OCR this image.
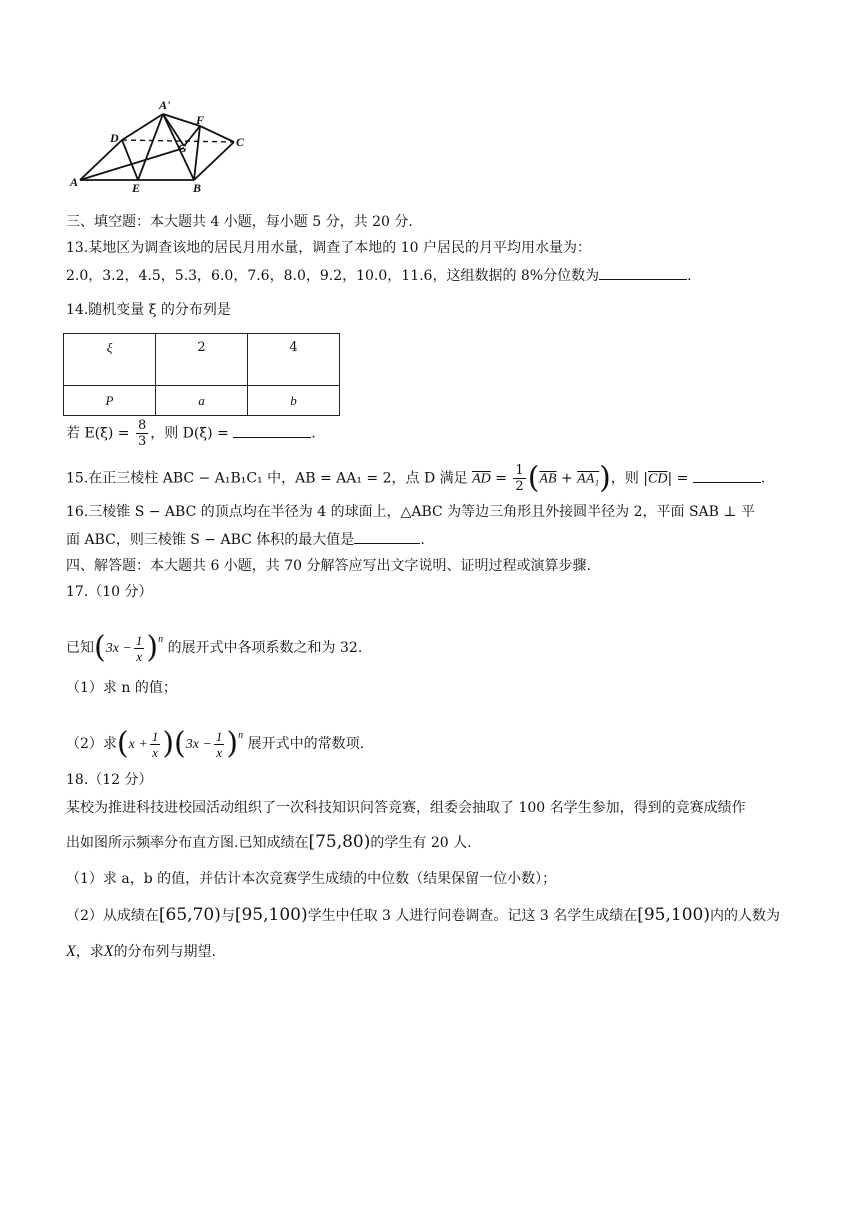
A'
F
D
G	C
A	E	B
三、填空题：本大题共 4 小题，每小题 5 分，共 20 分.
13.某地区为调查该地的居民月用水量，调查了本地的 10 户居民的月平均用水量为：
2.0，3.2，4.5，5.3，6.0，7.6，8.0，9.2，10.0，11.6，这组数据的 8%分位数为	.
14.随机变量 ξ 的分布列是
ξ	2	4
P	a	b
若 $E(\xi) = \frac{8}{3}$ ，则 D(ξ) =	.
15.在正三棱柱 ABC − A₁B₁C₁ 中，AB = AA₁ = 2，点 D 满足 $\overline{AD} = \frac{1}{2} (\overline{AB} + AA_1)$，则 $|\overline{CD}|$ =	.
16.三棱锥 S − ABC 的顶点均在半径为 4 的球面上，△ABC 为等边三角形且外接圆半径为 2，平面 SAB ⊥ 平
面 ABC，则三棱锥 S − ABC 体积的最大值是	.
四、解答题：本大题共 6 小题，共 70 分解答应写出文字说明、证明过程或演算步骤.
17.（10 分）
已知$(3x - \frac{1}{x} )^n$ 的展开式中各项系数之和为 32.
（1）求 n 的值；
（2）求$(x + \frac{1}{x} )(3x - \frac{1}{x} )^n$ 展开式中的常数项.
18.（12 分）
某校为推进科技进校园活动组织了一次科技知识问答竞赛，组委会抽取了 100 名学生参加，得到的竞赛成绩作
出如图所示频率分布直方图.已知成绩在[75,80)的学生有 20 人.
（1）求 a，b 的值，并估计本次竞赛学生成绩的中位数（结果保留一位小数）；
（2）从成绩在[65,70)与[95,100)学生中任取 3 人进行问卷调查。记这 3 名学生成绩在[95,100)内的人数为
X，求X的分布列与期望.
